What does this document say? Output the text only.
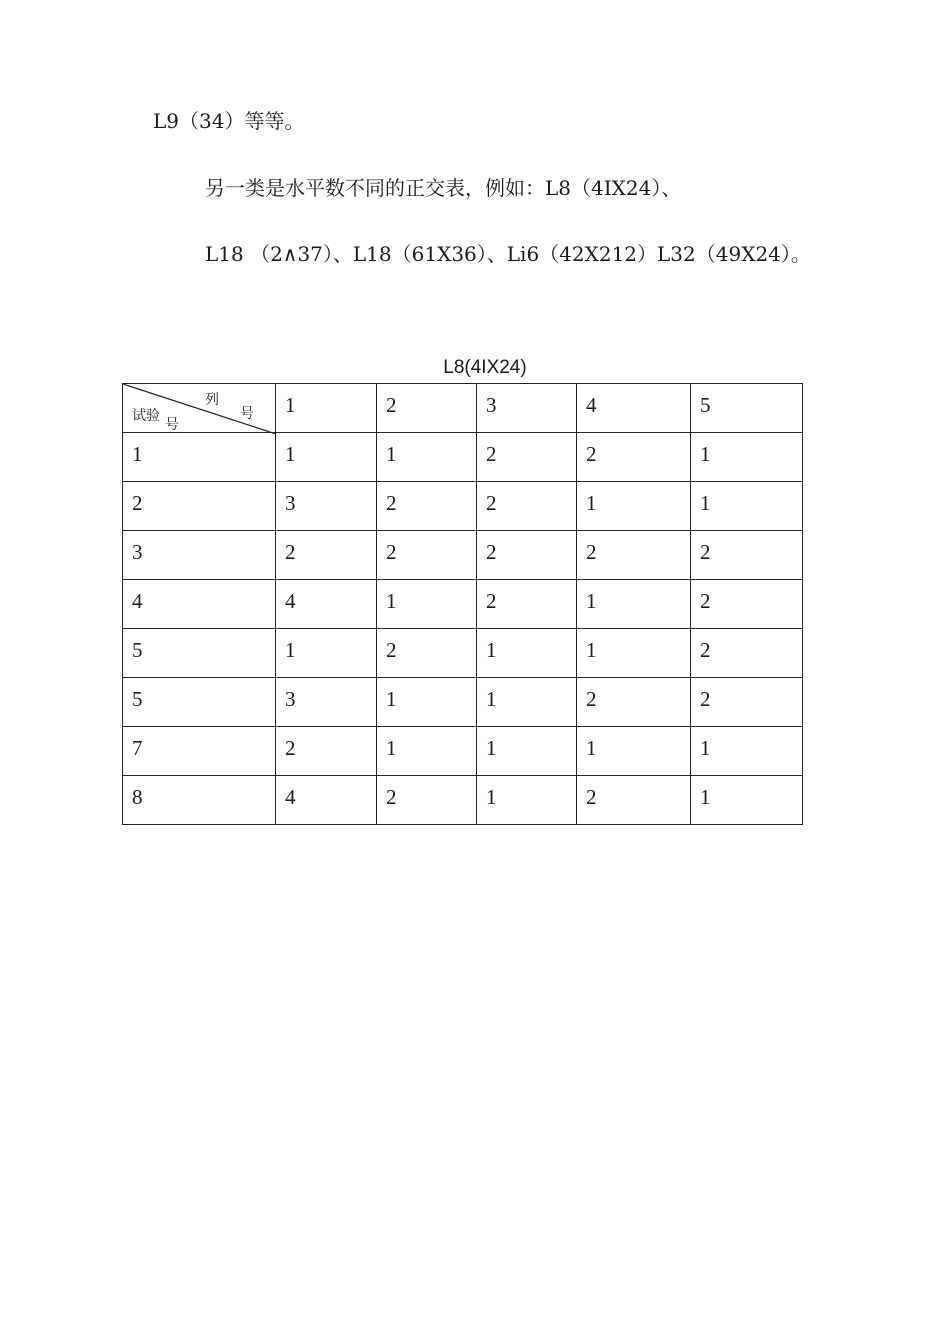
L9（34）等等。
另一类是水平数不同的正交表，例如：L8（4IX24）、
L18 （2∧37）、L18（61X36）、Li6（42X212）L32（49X24）。
L8(4IX24)
列
号
试验
号	1	2	3	4	5
1	1	1	2	2	1
2	3	2	2	1	1
3	2	2	2	2	2
4	4	1	2	1	2
5	1	2	1	1	2
5	3	1	1	2	2
7	2	1	1	1	1
8	4	2	1	2	1
